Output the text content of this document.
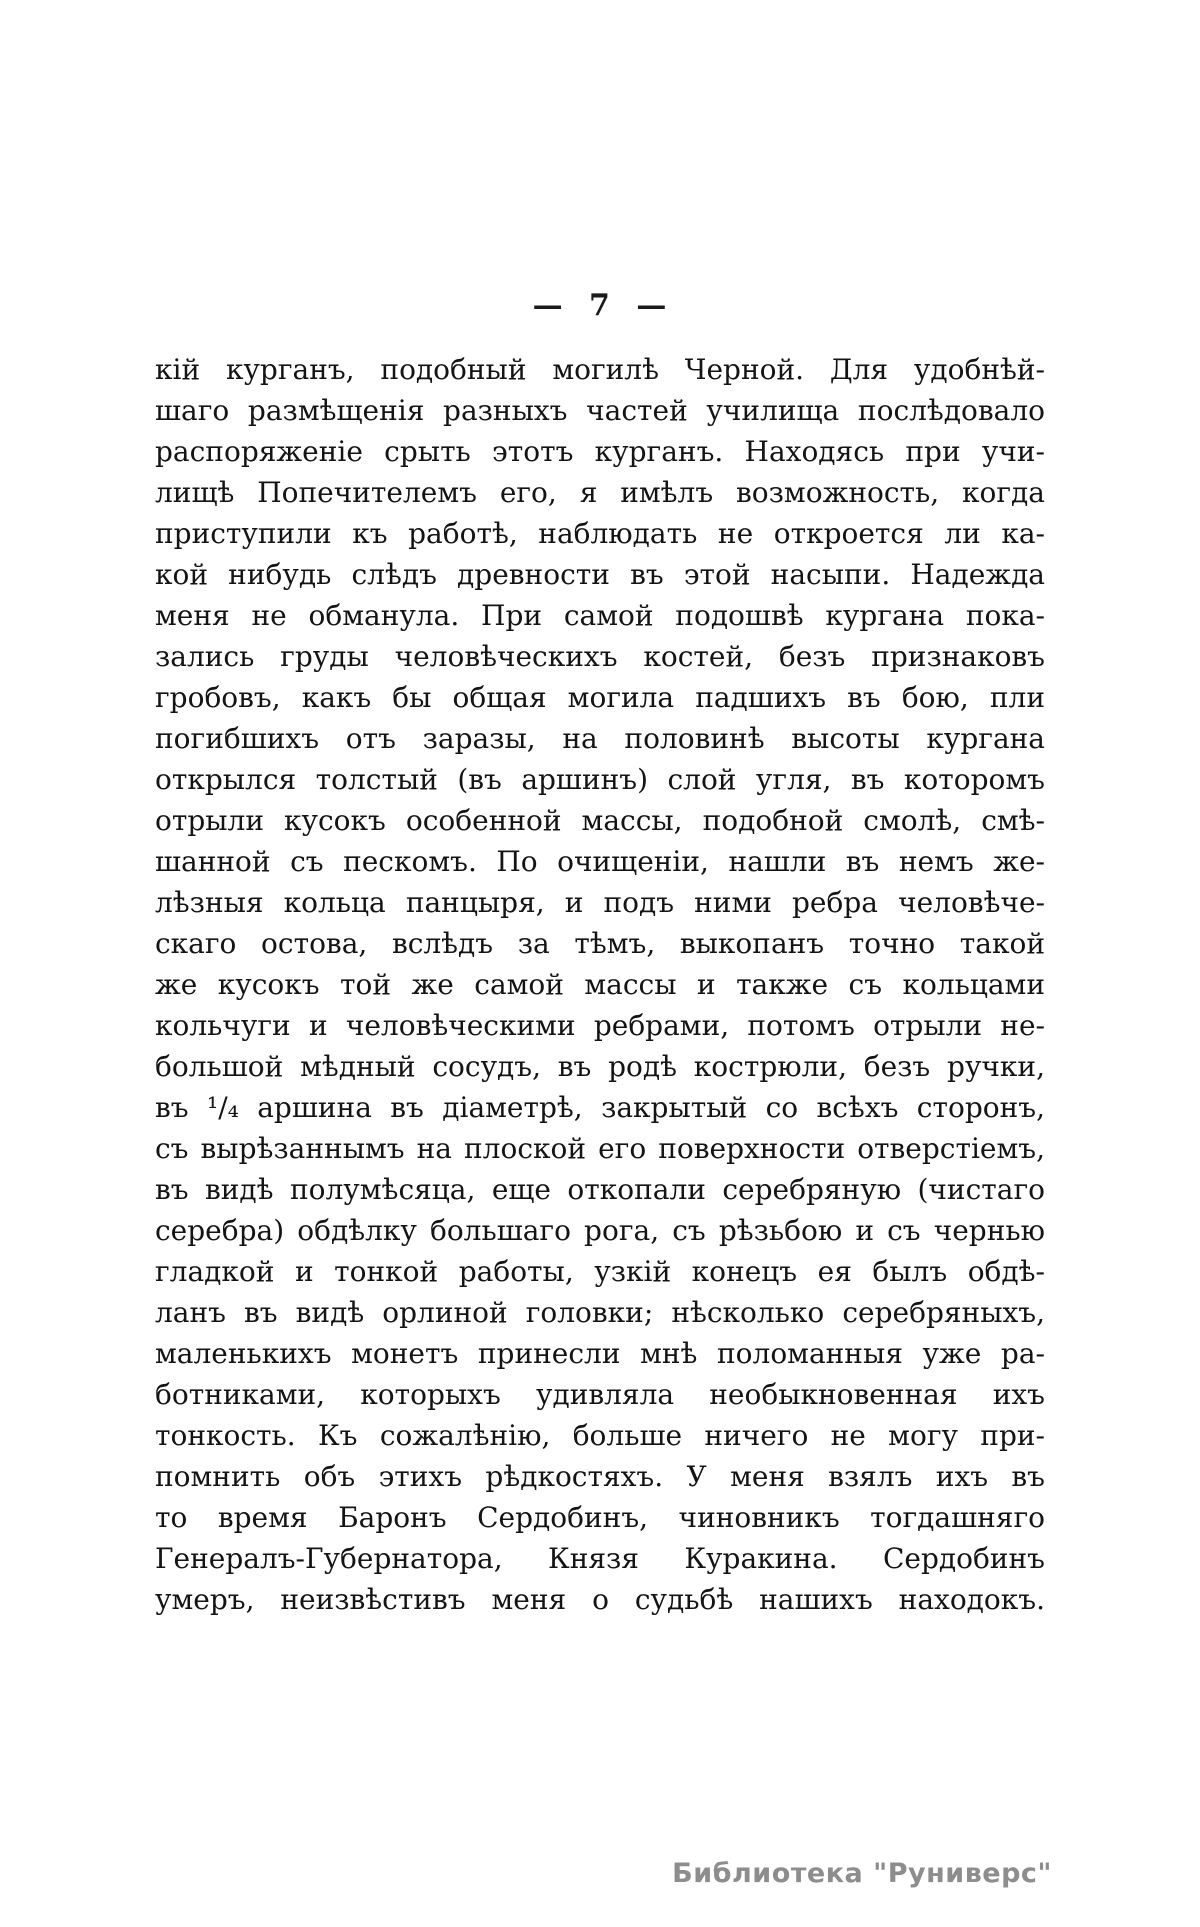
— 7 —
кій курганъ, подобный могилѣ Черной. Для удобнѣй-
шаго размѣщенія разныхъ частей училища послѣдовало
распоряженіе срыть этотъ курганъ. Находясь при учи-
лищѣ Попечителемъ его, я имѣлъ возможность, когда
приступили къ работѣ, наблюдать не откроется ли ка-
кой нибудь слѣдъ древности въ этой насыпи. Надежда
меня не обманула. При самой подошвѣ кургана пока-
зались груды человѣческихъ костей, безъ признаковъ
гробовъ, какъ бы общая могила падшихъ въ бою, пли
погибшихъ отъ заразы, на половинѣ высоты кургана
открылся толстый (въ аршинъ) слой угля, въ которомъ
отрыли кусокъ особенной массы, подобной смолѣ, смѣ-
шанной съ пескомъ. По очищеніи, нашли въ немъ же-
лѣзныя кольца панцыря, и подъ ними ребра человѣче-
скаго остова, вслѣдъ за тѣмъ, выкопанъ точно такой
же кусокъ той же самой массы и также съ кольцами
кольчуги и человѣческими ребрами, потомъ отрыли не-
большой мѣдный сосудъ, въ родѣ кострюли, безъ ручки,
въ ¹/₄ аршина въ діаметрѣ, закрытый со всѣхъ сторонъ,
съ вырѣзаннымъ на плоской его поверхности отверстіемъ,
въ видѣ полумѣсяца, еще откопали серебряную (чистаго
серебра) обдѣлку большаго рога, съ рѣзьбою и съ чернью
гладкой и тонкой работы, узкій конецъ ея былъ обдѣ-
ланъ въ видѣ орлиной головки; нѣсколько серебряныхъ,
маленькихъ монетъ принесли мнѣ поломанныя уже ра-
ботниками, которыхъ удивляла необыкновенная ихъ
тонкость. Къ сожалѣнію, больше ничего не могу при-
помнить объ этихъ рѣдкостяхъ. У меня взялъ ихъ въ
то время Баронъ Сердобинъ, чиновникъ тогдашняго
Генералъ-Губернатора, Князя Куракина. Сердобинъ
умеръ, неизвѣстивъ меня о судьбѣ нашихъ находокъ.
Библиотека "Руниверс"
